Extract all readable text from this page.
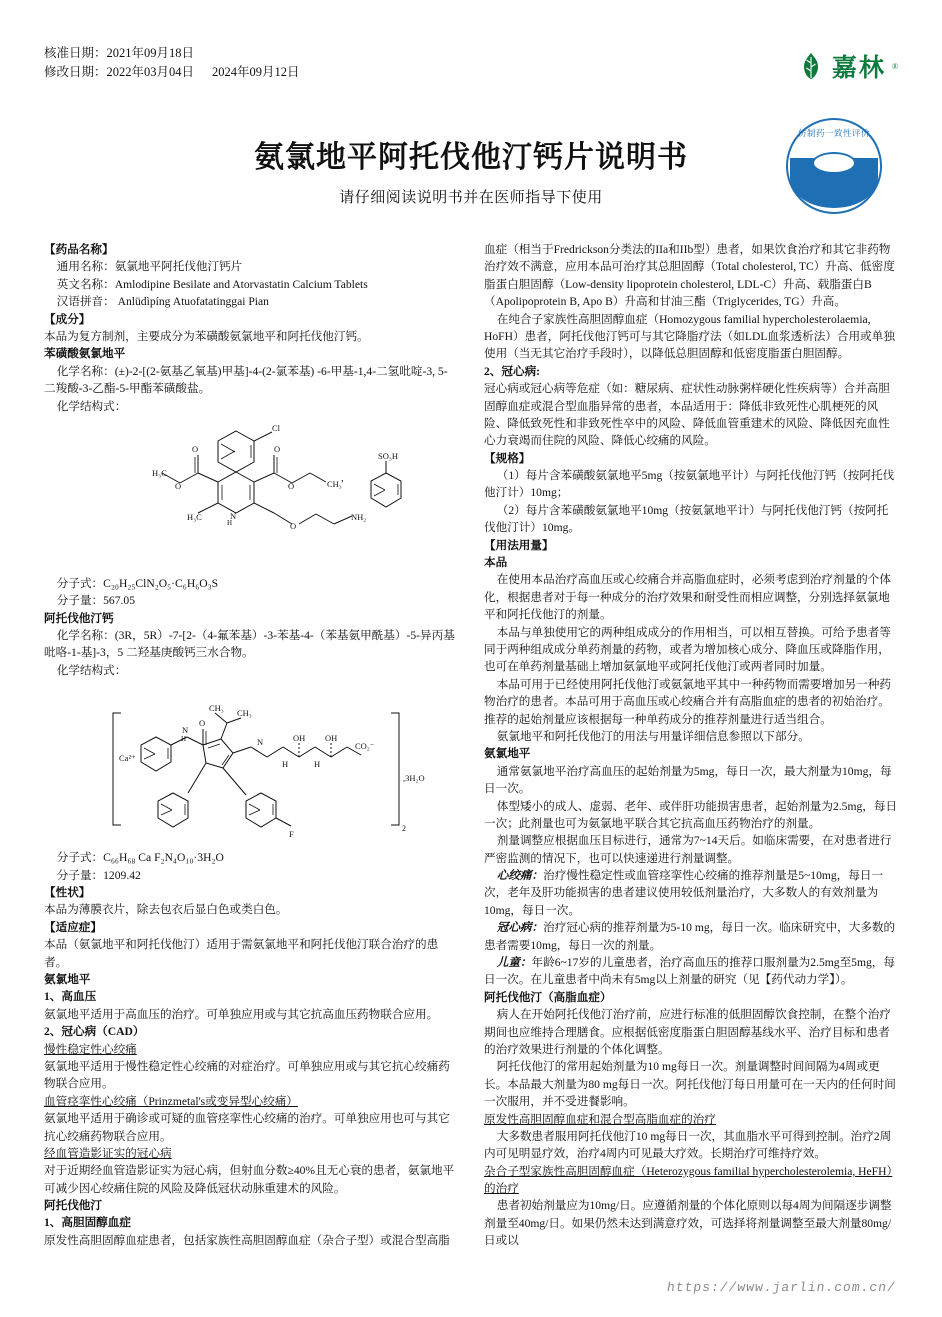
核准日期：2021年09月18日
修改日期：2022年03月04日 2024年09月12日	嘉林 ®
氨氯地平阿托伐他汀钙片说明书
请仔细阅读说明书并在医师指导下使用
仿制药一致性评价

【药品名称】

通用名称：氨氯地平阿托伐他汀钙片

英文名称：Amlodipine Besilate and Atorvastatin Calcium Tablets

汉语拼音： Anlüdìpíng Atuofatatinggai Pian

【成分】

本品为复方制剂，主要成分为苯磺酸氨氯地平和阿托伐他汀钙。

苯磺酸氨氯地平

化学名称：(±)-2-[(2-氨基乙氧基)甲基]-4-(2-氯苯基) -6-甲基-1,4-二氢吡啶-3, 5-二羧酸-3-乙酯-5-甲酯苯磺酸盐。

化学结构式：

Cl
O
H₃C
O
O
O	CH₃
H₃C	N
H	O
NH₂
SO₃H
,

分子式：C₂₀H₂₅ClN₂O₅·C₆H₆O₃S

分子量：567.05

阿托伐他汀钙

化学名称：(3R，5R）-7-[2-（4-氟苯基）-3-苯基-4-（苯基氨甲酰基）-5-异丙基吡咯-1-基]-3，5 二羟基庚酸钙三水合物。

化学结构式：

Ca²⁺
N
H
O
CH₃ CH₃
N	OH OH
CO₂⁻
F
H	H
2
,3H₂O

分子式：C₆₆H₆₈ Ca F₂N₄O₁₀·3H₂O

分子量：1209.42

【性状】

本品为薄膜衣片，除去包衣后显白色或类白色。

【适应症】

本品（氨氯地平和阿托伐他汀）适用于需氨氯地平和阿托伐他汀联合治疗的患者。

氨氯地平

1、高血压

氨氯地平适用于高血压的治疗。可单独应用或与其它抗高血压药物联合应用。

2、冠心病（CAD）

慢性稳定性心绞痛

氨氯地平适用于慢性稳定性心绞痛的对症治疗。可单独应用或与其它抗心绞痛药物联合应用。

血管痉挛性心绞痛（Prinzmetal's或变异型心绞痛）

氨氯地平适用于确诊或可疑的血管痉挛性心绞痛的治疗。可单独应用也可与其它抗心绞痛药物联合应用。

经血管造影证实的冠心病

对于近期经血管造影证实为冠心病，但射血分数≥40%且无心衰的患者，氨氯地平可减少因心绞痛住院的风险及降低冠状动脉重建术的风险。

阿托伐他汀

1、高胆固醇血症

原发性高胆固醇血症患者，包括家族性高胆固醇血症（杂合子型）或混合型高脂

血症（相当于Fredrickson分类法的IIa和IIb型）患者，如果饮食治疗和其它非药物治疗效不满意，应用本品可治疗其总胆固醇（Total cholesterol, TC）升高、低密度脂蛋白胆固醇（Low-density lipoprotein cholesterol, LDL-C）升高、载脂蛋白B（Apolipoprotein B, Apo B）升高和甘油三酯（Triglycerides, TG）升高。

在纯合子家族性高胆固醇血症（Homozygous familial hypercholesterolaemia, HoFH）患者，阿托伐他汀钙可与其它降脂疗法（如LDL血浆透析法）合用或单独使用（当无其它治疗手段时），以降低总胆固醇和低密度脂蛋白胆固醇。

2、冠心病:

冠心病或冠心病等危症（如：糖尿病、症状性动脉粥样硬化性疾病等）合并高胆固醇血症或混合型血脂异常的患者，本品适用于：降低非致死性心肌梗死的风险、降低致死性和非致死性卒中的风险、降低血管重建术的风险、降低因充血性心力衰竭而住院的风险、降低心绞痛的风险。

【规格】

（1）每片含苯磺酸氨氯地平5mg（按氨氯地平计）与阿托伐他汀钙（按阿托伐他汀计）10mg；

（2）每片含苯磺酸氨氯地平10mg（按氨氯地平计）与阿托伐他汀钙（按阿托伐他汀计）10mg。

【用法用量】

本品

在使用本品治疗高血压或心绞痛合并高脂血症时，必须考虑到治疗剂量的个体化，根据患者对于每一种成分的治疗效果和耐受性而相应调整，分别选择氨氯地平和阿托伐他汀的剂量。

本品与单独使用它的两种组成成分的作用相当，可以相互替换。可给予患者等同于两种组成成分单药剂量的药物，或者为增加核心成分、降血压或降脂作用，也可在单药剂量基础上增加氨氯地平或阿托伐他汀或两者同时加量。

本品可用于已经使用阿托伐他汀或氨氯地平其中一种药物而需要增加另一种药物治疗的患者。本品可用于高血压或心绞痛合并有高脂血症的患者的初始治疗。推荐的起始剂量应该根据每一种单药成分的推荐剂量进行适当组合。

氨氯地平和阿托伐他汀的用法与用量详细信息参照以下部分。

氨氯地平

通常氨氯地平治疗高血压的起始剂量为5mg，每日一次，最大剂量为10mg，每日一次。

体型矮小的成人、虚弱、老年、或伴肝功能损害患者，起始剂量为2.5mg，每日一次；此剂量也可为氨氯地平联合其它抗高血压药物治疗的剂量。

剂量调整应根据血压目标进行，通常为7~14天后。如临床需要，在对患者进行严密监测的情况下，也可以快速递进行剂量调整。

心绞痛：治疗慢性稳定性或血管痉挛性心绞痛的推荐剂量是5~10mg，每日一次，老年及肝功能损害的患者建议使用较低剂量治疗，大多数人的有效剂量为10mg，每日一次。

冠心病：治疗冠心病的推荐剂量为5-10 mg，每日一次。临床研究中，大多数的患者需要10mg，每日一次的剂量。

儿童：年龄6~17岁的儿童患者，治疗高血压的推荐口服剂量为2.5mg至5mg，每日一次。在儿童患者中尚未有5mg以上剂量的研究（见【药代动力学】）。

阿托伐他汀（高脂血症）

病人在开始阿托伐他汀治疗前，应进行标准的低胆固醇饮食控制，在整个治疗期间也应维持合理膳食。应根据低密度脂蛋白胆固醇基线水平、治疗目标和患者的治疗效果进行剂量的个体化调整。

阿托伐他汀的常用起始剂量为10 mg每日一次。剂量调整时间间隔为4周或更长。本品最大剂量为80 mg每日一次。阿托伐他汀每日用量可在一天内的任何时间一次服用，并不受进餐影响。

原发性高胆固醇血症和混合型高脂血症的治疗

大多数患者服用阿托伐他汀10 mg每日一次，其血脂水平可得到控制。治疗2周内可见明显疗效，治疗4周内可见最大疗效。长期治疗可维持疗效。

杂合子型家族性高胆固醇血症（Heterozygous familial hypercholesterolemia, HeFH）的治疗

患者初始剂量应为10mg/日。应遵循剂量的个体化原则以每4周为间隔逐步调整剂量至40mg/日。如果仍然未达到满意疗效，可选择将剂量调整至最大剂量80mg/日或以

https://www.jarlin.com.cn/
